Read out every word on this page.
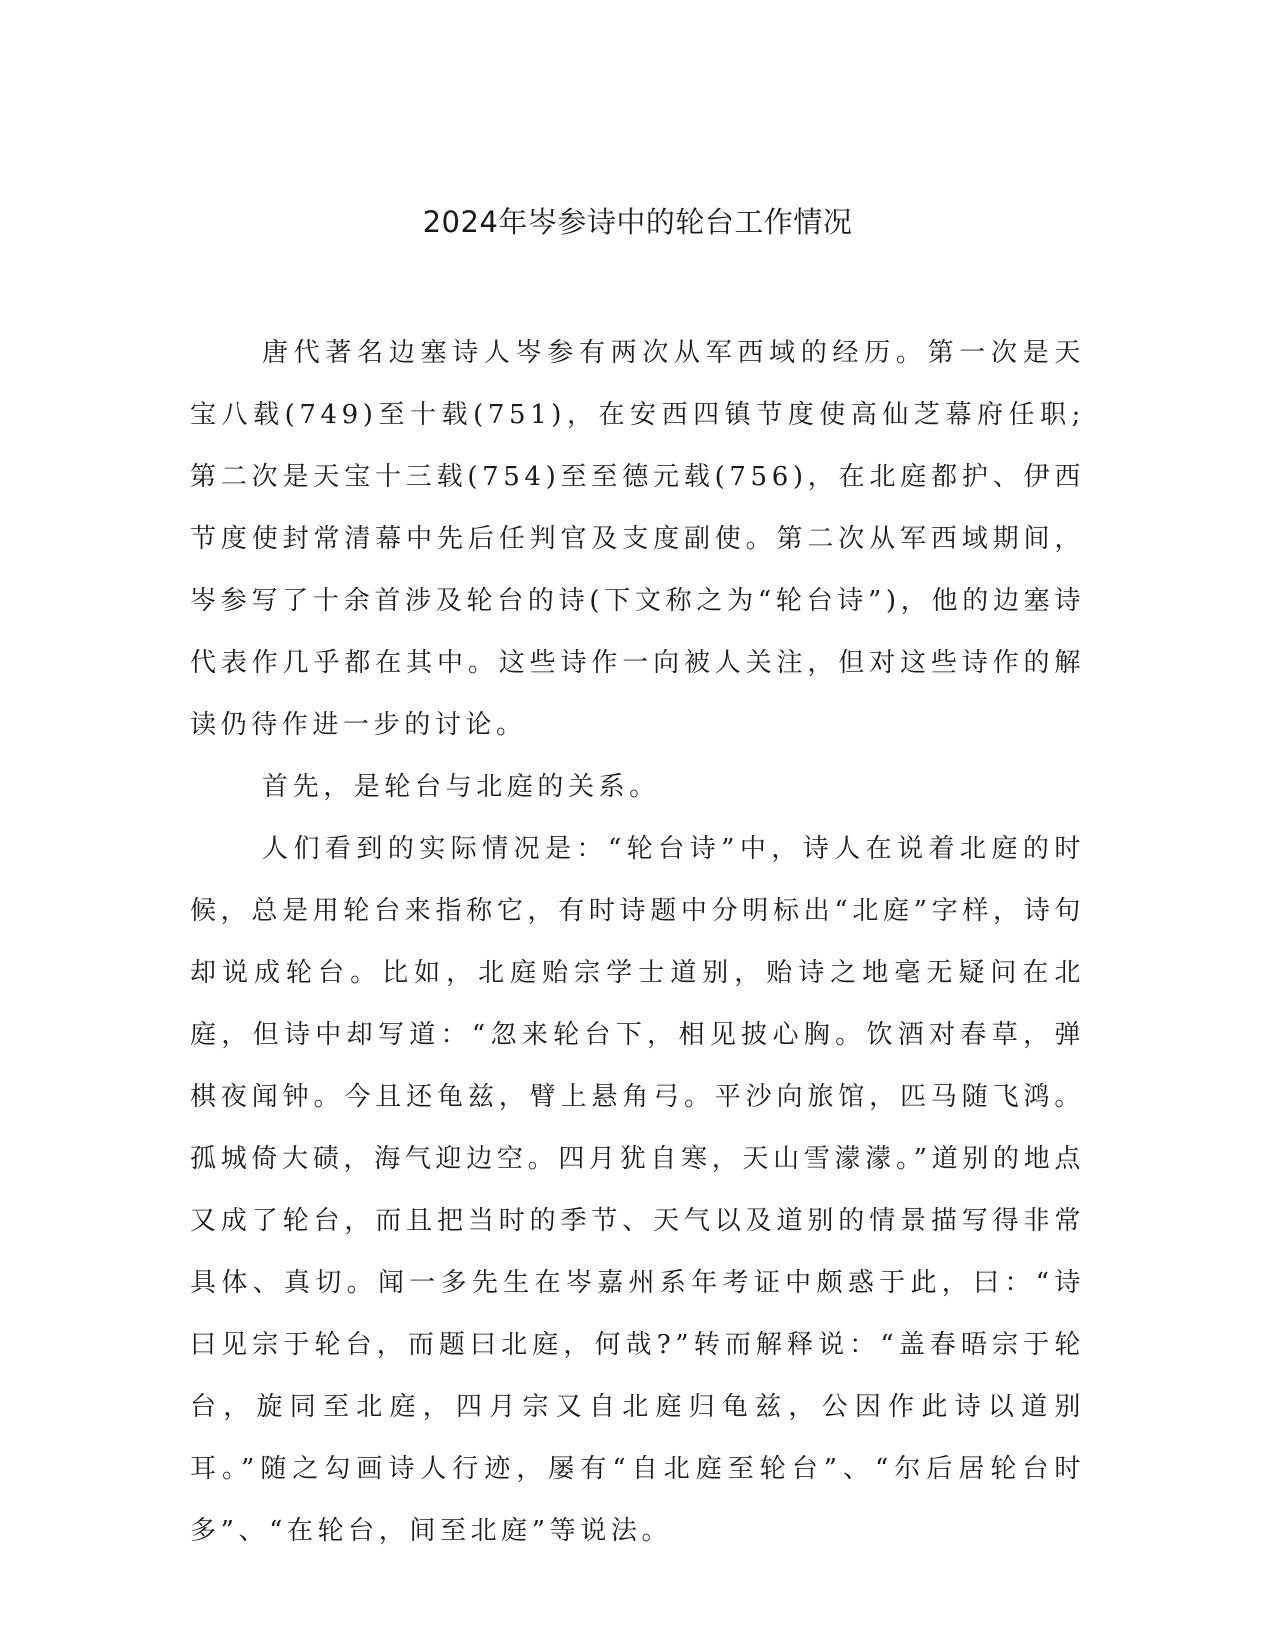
2024年岑参诗中的轮台工作情况

唐代著名边塞诗人岑参有两次从军西域的经历。第一次是天宝八载(749)至十载(751)，在安西四镇节度使高仙芝幕府任职;第二次是天宝十三载(754)至至德元载(756)，在北庭都护、伊西节度使封常清幕中先后任判官及支度副使。第二次从军西域期间，岑参写了十余首涉及轮台的诗(下文称之为“轮台诗”)，他的边塞诗代表作几乎都在其中。这些诗作一向被人关注，但对这些诗作的解读仍待作进一步的讨论。

首先，是轮台与北庭的关系。

人们看到的实际情况是：“轮台诗”中，诗人在说着北庭的时候，总是用轮台来指称它，有时诗题中分明标出“北庭”字样，诗句却说成轮台。比如，北庭贻宗学士道别，贻诗之地毫无疑问在北庭，但诗中却写道：“忽来轮台下，相见披心胸。饮酒对春草，弹棋夜闻钟。今且还龟兹，臂上悬角弓。平沙向旅馆，匹马随飞鸿。孤城倚大碛，海气迎边空。四月犹自寒，天山雪濛濛。”道别的地点又成了轮台，而且把当时的季节、天气以及道别的情景描写得非常具体、真切。闻一多先生在岑嘉州系年考证中颇惑于此，曰：“诗曰见宗于轮台，而题曰北庭，何哉?”转而解释说：“盖春晤宗于轮台，旋同至北庭，四月宗又自北庭归龟兹，公因作此诗以道别耳。”随之勾画诗人行迹，屡有“自北庭至轮台”、“尔后居轮台时多”、“在轮台，间至北庭”等说法。
